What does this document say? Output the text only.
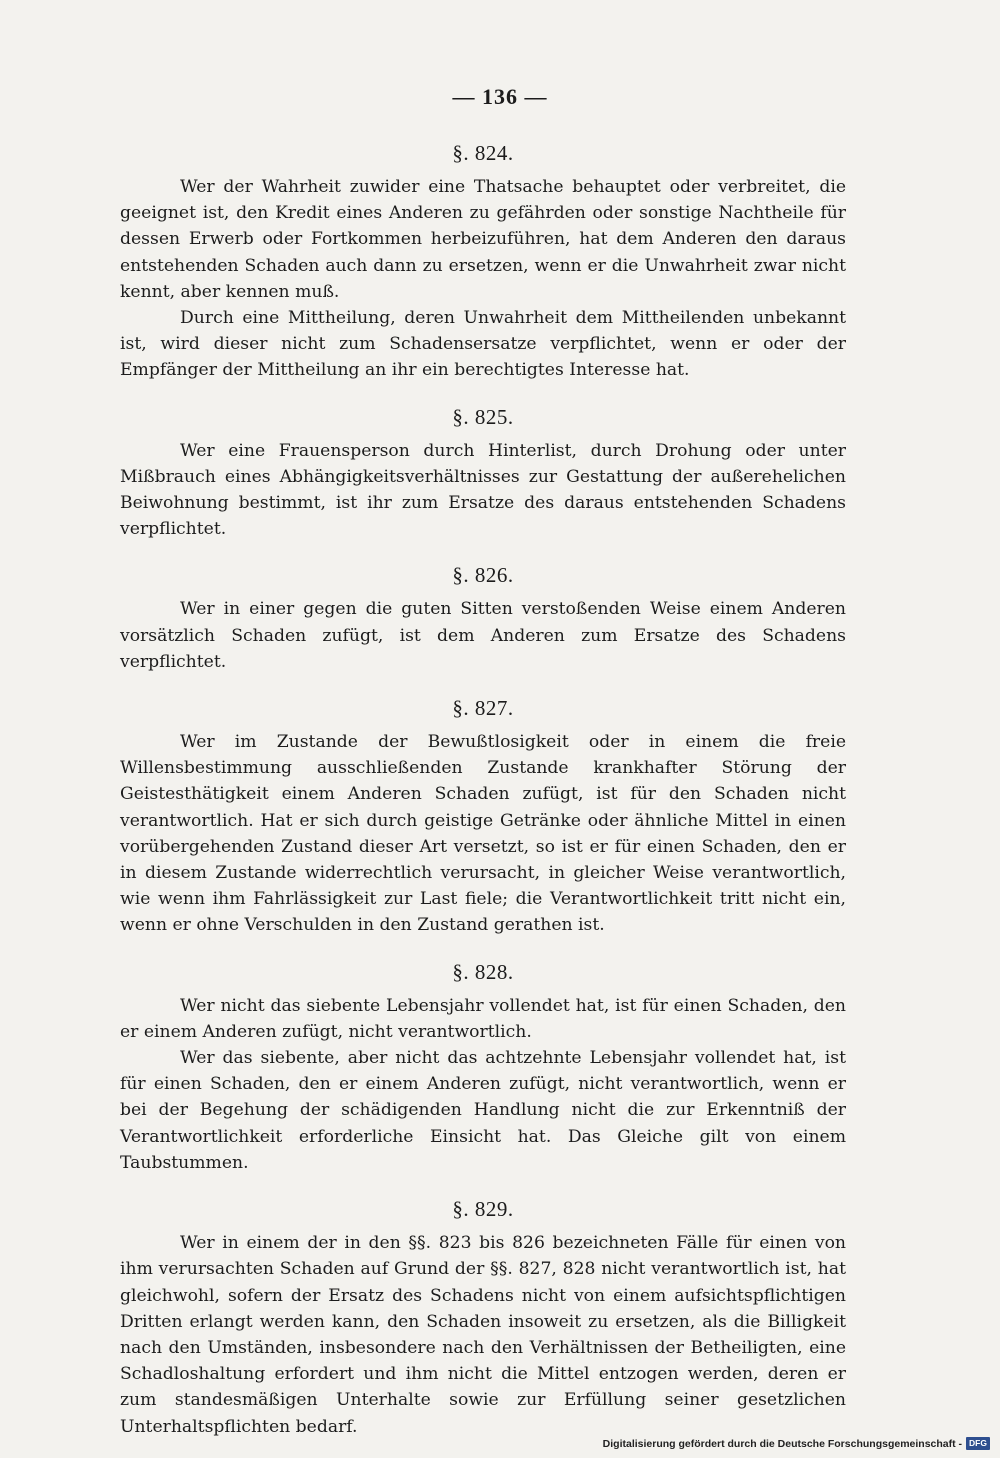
— 136 —
§. 824.

Wer der Wahrheit zuwider eine Thatsache behauptet oder verbreitet, die geeignet ist, den Kredit eines Anderen zu gefährden oder sonstige Nachtheile für dessen Erwerb oder Fortkommen herbeizuführen, hat dem Anderen den daraus entstehenden Schaden auch dann zu ersetzen, wenn er die Unwahrheit zwar nicht kennt, aber kennen muß.

Durch eine Mittheilung, deren Unwahrheit dem Mittheilenden unbekannt ist, wird dieser nicht zum Schadensersatze verpflichtet, wenn er oder der Empfänger der Mittheilung an ihr ein berechtigtes Interesse hat.

§. 825.

Wer eine Frauensperson durch Hinterlist, durch Drohung oder unter Mißbrauch eines Abhängigkeitsverhältnisses zur Gestattung der außerehelichen Beiwohnung bestimmt, ist ihr zum Ersatze des daraus entstehenden Schadens verpflichtet.

§. 826.

Wer in einer gegen die guten Sitten verstoßenden Weise einem Anderen vorsätzlich Schaden zufügt, ist dem Anderen zum Ersatze des Schadens verpflichtet.

§. 827.

Wer im Zustande der Bewußtlosigkeit oder in einem die freie Willensbestimmung ausschließenden Zustande krankhafter Störung der Geistesthätigkeit einem Anderen Schaden zufügt, ist für den Schaden nicht verantwortlich. Hat er sich durch geistige Getränke oder ähnliche Mittel in einen vorübergehenden Zustand dieser Art versetzt, so ist er für einen Schaden, den er in diesem Zustande widerrechtlich verursacht, in gleicher Weise verantwortlich, wie wenn ihm Fahrlässigkeit zur Last fiele; die Verantwortlichkeit tritt nicht ein, wenn er ohne Verschulden in den Zustand gerathen ist.

§. 828.

Wer nicht das siebente Lebensjahr vollendet hat, ist für einen Schaden, den er einem Anderen zufügt, nicht verantwortlich.

Wer das siebente, aber nicht das achtzehnte Lebensjahr vollendet hat, ist für einen Schaden, den er einem Anderen zufügt, nicht verantwortlich, wenn er bei der Begehung der schädigenden Handlung nicht die zur Erkenntniß der Verantwortlichkeit erforderliche Einsicht hat. Das Gleiche gilt von einem Taubstummen.

§. 829.

Wer in einem der in den §§. 823 bis 826 bezeichneten Fälle für einen von ihm verursachten Schaden auf Grund der §§. 827, 828 nicht verantwortlich ist, hat gleichwohl, sofern der Ersatz des Schadens nicht von einem aufsichtspflichtigen Dritten erlangt werden kann, den Schaden insoweit zu ersetzen, als die Billigkeit nach den Umständen, insbesondere nach den Verhältnissen der Betheiligten, eine Schadloshaltung erfordert und ihm nicht die Mittel entzogen werden, deren er zum standesmäßigen Unterhalte sowie zur Erfüllung seiner gesetzlichen Unterhaltspflichten bedarf.

Digitalisierung gefördert durch die Deutsche Forschungsgemeinschaft - DFG
